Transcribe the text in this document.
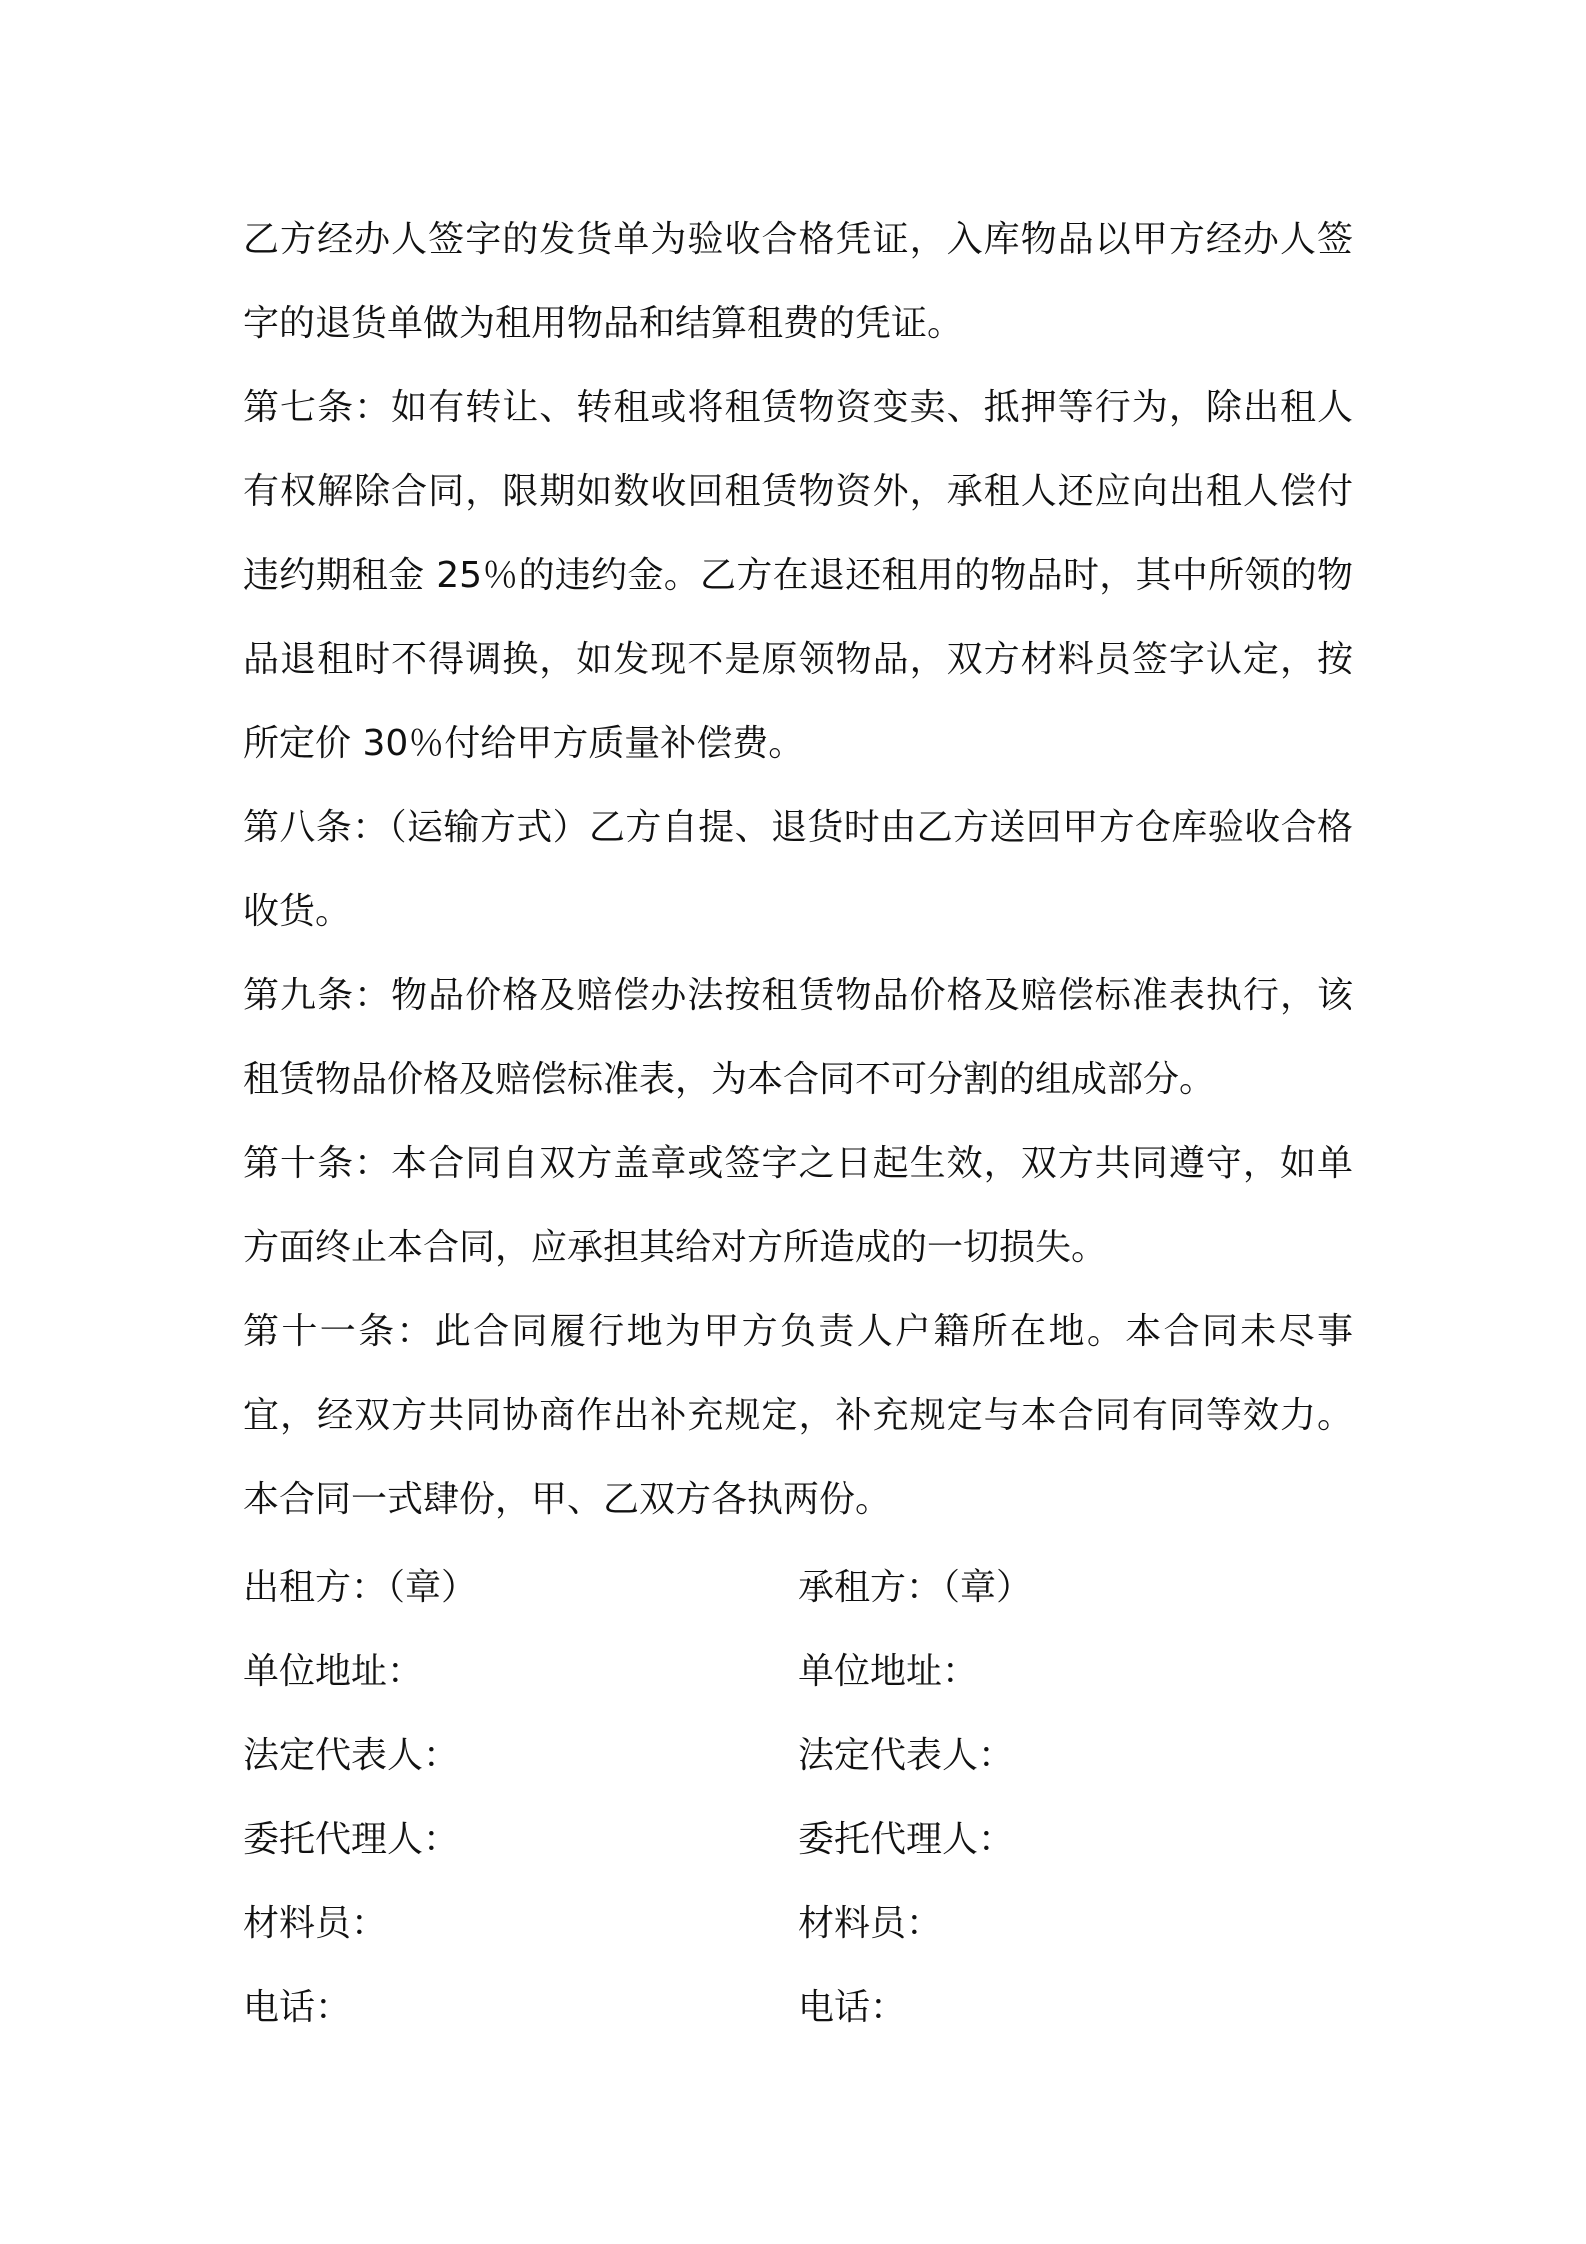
乙方经办人签字的发货单为验收合格凭证，入库物品以甲方经办人签字的退货单做为租用物品和结算租费的凭证。

第七条：如有转让、转租或将租赁物资变卖、抵押等行为，除出租人有权解除合同，限期如数收回租赁物资外，承租人还应向出租人偿付违约期租金 25％的违约金。乙方在退还租用的物品时，其中所领的物品退租时不得调换，如发现不是原领物品，双方材料员签字认定，按所定价 30％付给甲方质量补偿费。

第八条：（运输方式）乙方自提、退货时由乙方送回甲方仓库验收合格收货。

第九条：物品价格及赔偿办法按租赁物品价格及赔偿标准表执行，该租赁物品价格及赔偿标准表，为本合同不可分割的组成部分。

第十条：本合同自双方盖章或签字之日起生效，双方共同遵守，如单方面终止本合同，应承担其给对方所造成的一切损失。

第十一条：此合同履行地为甲方负责人户籍所在地。本合同未尽事宜，经双方共同协商作出补充规定，补充规定与本合同有同等效力。本合同一式肆份，甲、乙双方各执两份。

出租方：（章）	承租方：（章）
单位地址：	单位地址：
法定代表人：	法定代表人：
委托代理人：	委托代理人：
材料员：	材料员：
电话：	电话：
